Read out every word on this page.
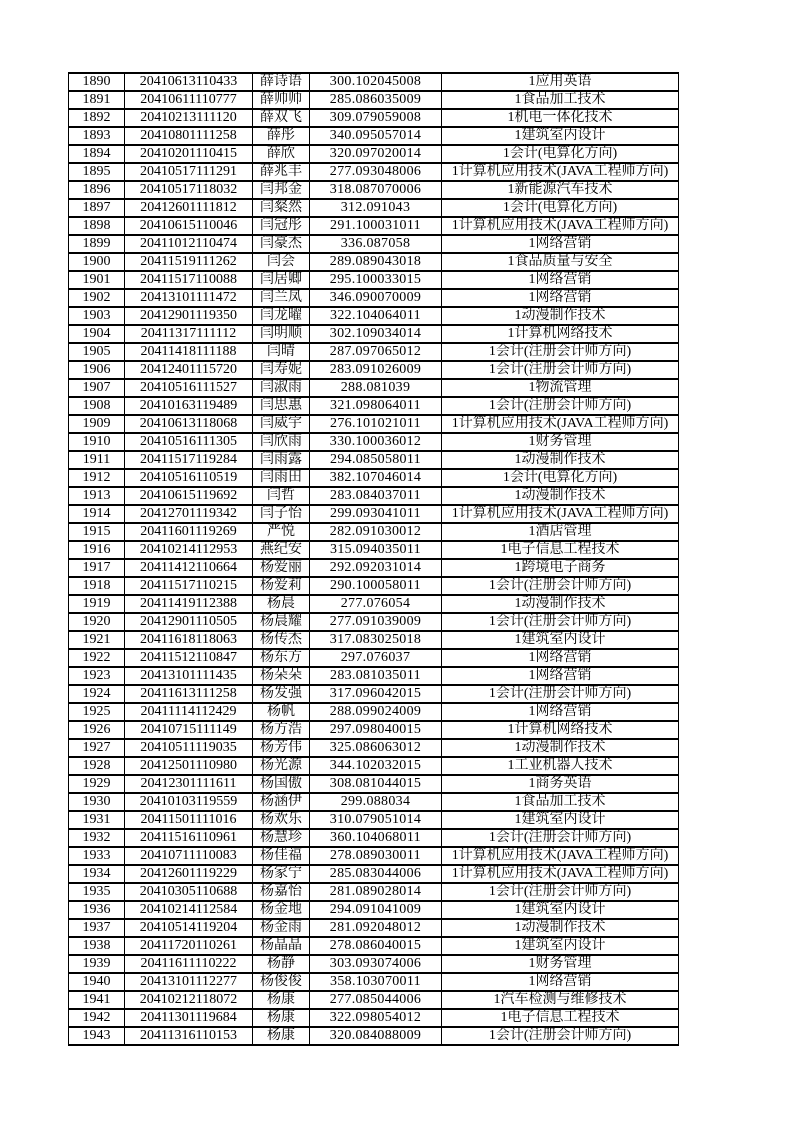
1890	20410613110433	薛诗语	300.102045008	1应用英语
1891	20410611110777	薛帅帅	285.086035009	1食品加工技术
1892	20410213111120	薛双飞	309.079059008	1机电一体化技术
1893	20410801111258	薛彤	340.095057014	1建筑室内设计
1894	20410201110415	薛欣	320.097020014	1会计(电算化方向)
1895	20410517111291	薛兆丰	277.093048006	1计算机应用技术(JAVA工程师方向)
1896	20410517118032	闫邦金	318.087070006	1新能源汽车技术
1897	20412601111812	闫粲然	312.091043	1会计(电算化方向)
1898	20410615110046	闫冠彤	291.100031011	1计算机应用技术(JAVA工程师方向)
1899	20411012110474	闫豪杰	336.087058	1网络营销
1900	20411519111262	闫会	289.089043018	1食品质量与安全
1901	20411517110088	闫居卿	295.100033015	1网络营销
1902	20413101111472	闫兰凤	346.090070009	1网络营销
1903	20412901119350	闫龙曜	322.104064011	1动漫制作技术
1904	20411317111112	闫明顺	302.109034014	1计算机网络技术
1905	20411418111188	闫晴	287.097065012	1会计(注册会计师方向)
1906	20412401115720	闫寿妮	283.091026009	1会计(注册会计师方向)
1907	20410516111527	闫淑雨	288.081039	1物流管理
1908	20410163119489	闫思惠	321.098064011	1会计(注册会计师方向)
1909	20410613118068	闫威宇	276.101021011	1计算机应用技术(JAVA工程师方向)
1910	20410516111305	闫欣雨	330.100036012	1财务管理
1911	20411517119284	闫雨露	294.085058011	1动漫制作技术
1912	20410516110519	闫雨田	382.107046014	1会计(电算化方向)
1913	20410615119692	闫哲	283.084037011	1动漫制作技术
1914	20412701119342	闫子怡	299.093041011	1计算机应用技术(JAVA工程师方向)
1915	20411601119269	严悦	282.091030012	1酒店管理
1916	20410214112953	燕纪安	315.094035011	1电子信息工程技术
1917	20411412110664	杨爱丽	292.092031014	1跨境电子商务
1918	20411517110215	杨爱莉	290.100058011	1会计(注册会计师方向)
1919	20411419112388	杨晨	277.076054	1动漫制作技术
1920	20412901110505	杨晨耀	277.091039009	1会计(注册会计师方向)
1921	20411618118063	杨传杰	317.083025018	1建筑室内设计
1922	20411512110847	杨东方	297.076037	1网络营销
1923	20413101111435	杨朵朵	283.081035011	1网络营销
1924	20411613111258	杨发强	317.096042015	1会计(注册会计师方向)
1925	20411114112429	杨帆	288.099024009	1网络营销
1926	20410715111149	杨方浩	297.098040015	1计算机网络技术
1927	20410511119035	杨芳伟	325.086063012	1动漫制作技术
1928	20412501110980	杨光源	344.102032015	1工业机器人技术
1929	20412301111611	杨国傲	308.081044015	1商务英语
1930	20410103119559	杨涵伊	299.088034	1食品加工技术
1931	20411501111016	杨欢乐	310.079051014	1建筑室内设计
1932	20411516110961	杨慧珍	360.104068011	1会计(注册会计师方向)
1933	20410711110083	杨佳福	278.089030011	1计算机应用技术(JAVA工程师方向)
1934	20412601119229	杨家宁	285.083044006	1计算机应用技术(JAVA工程师方向)
1935	20410305110688	杨嘉怡	281.089028014	1会计(注册会计师方向)
1936	20410214112584	杨金地	294.091041009	1建筑室内设计
1937	20410514119204	杨金雨	281.092048012	1动漫制作技术
1938	20411720110261	杨晶晶	278.086040015	1建筑室内设计
1939	20411611110222	杨静	303.093074006	1财务管理
1940	20413101112277	杨俊俊	358.103070011	1网络营销
1941	20410212118072	杨康	277.085044006	1汽车检测与维修技术
1942	20411301119684	杨康	322.098054012	1电子信息工程技术
1943	20411316110153	杨康	320.084088009	1会计(注册会计师方向)
